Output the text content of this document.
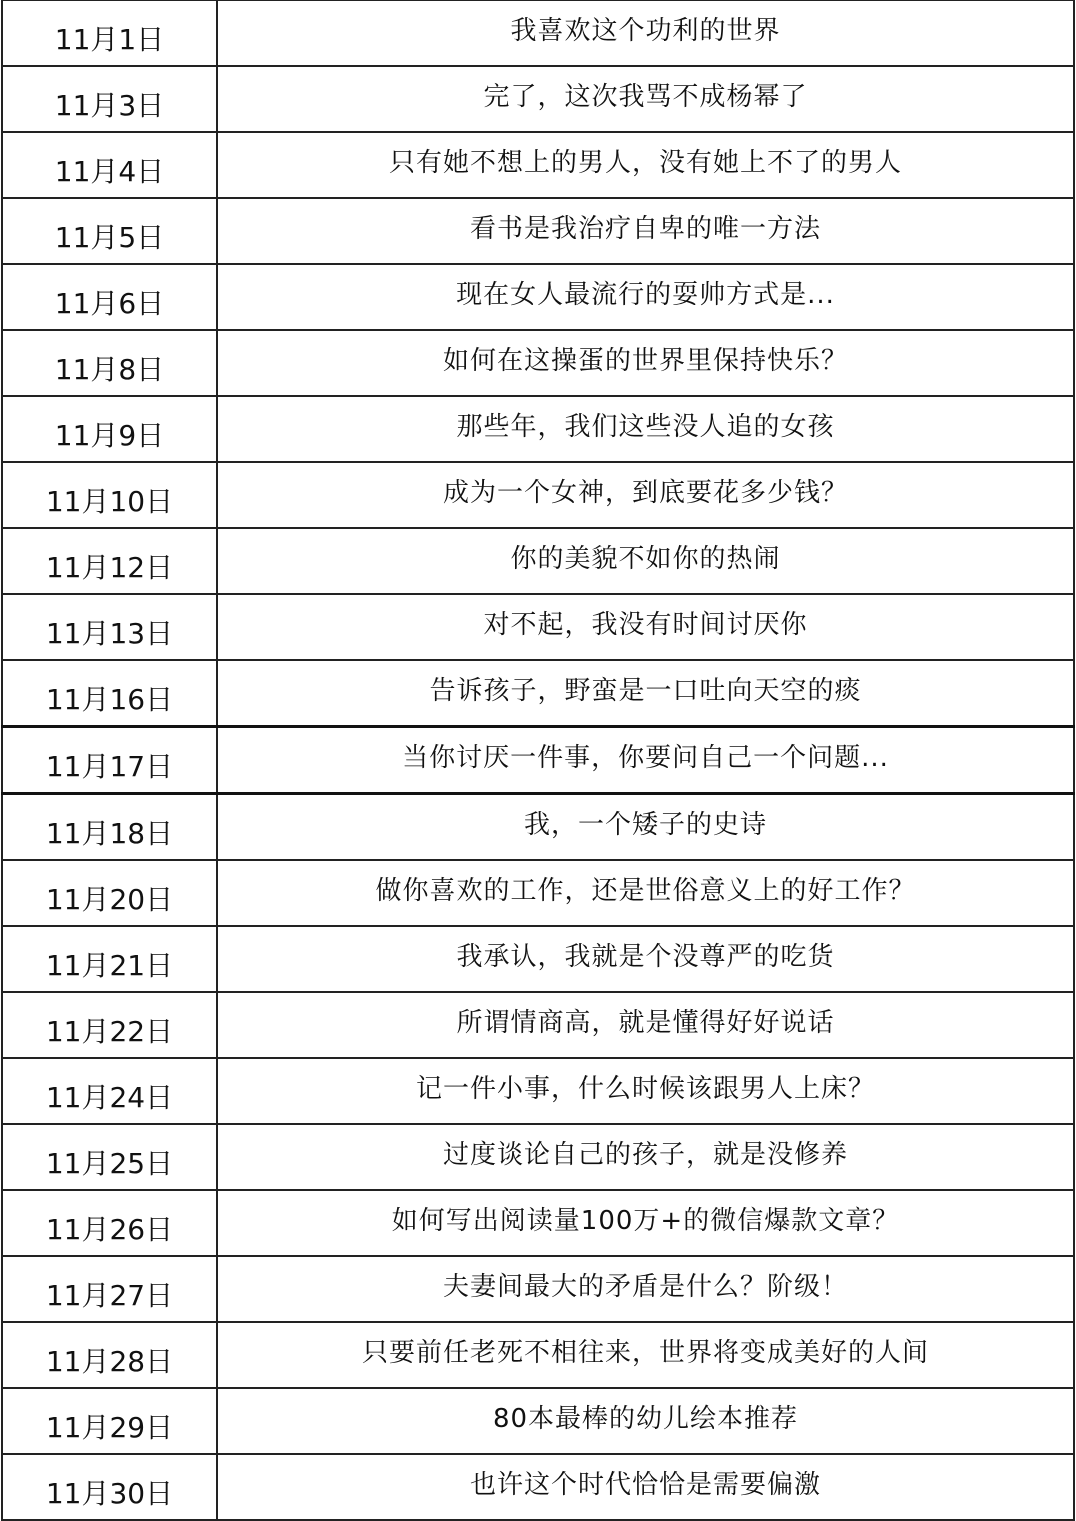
11月1日	我喜欢这个功利的世界
11月3日	完了，这次我骂不成杨幂了
11月4日	只有她不想上的男人，没有她上不了的男人
11月5日	看书是我治疗自卑的唯一方法
11月6日	现在女人最流行的耍帅方式是...
11月8日	如何在这操蛋的世界里保持快乐？
11月9日	那些年，我们这些没人追的女孩
11月10日	成为一个女神，到底要花多少钱？
11月12日	你的美貌不如你的热闹
11月13日	对不起，我没有时间讨厌你
11月16日	告诉孩子，野蛮是一口吐向天空的痰
11月17日	当你讨厌一件事，你要问自己一个问题...
11月18日	我，一个矮子的史诗
11月20日	做你喜欢的工作，还是世俗意义上的好工作？
11月21日	我承认，我就是个没尊严的吃货
11月22日	所谓情商高，就是懂得好好说话
11月24日	记一件小事，什么时候该跟男人上床？
11月25日	过度谈论自己的孩子，就是没修养
11月26日	如何写出阅读量100万+的微信爆款文章？
11月27日	夫妻间最大的矛盾是什么？阶级！
11月28日	只要前任老死不相往来，世界将变成美好的人间
11月29日	80本最棒的幼儿绘本推荐
11月30日	也许这个时代恰恰是需要偏激
